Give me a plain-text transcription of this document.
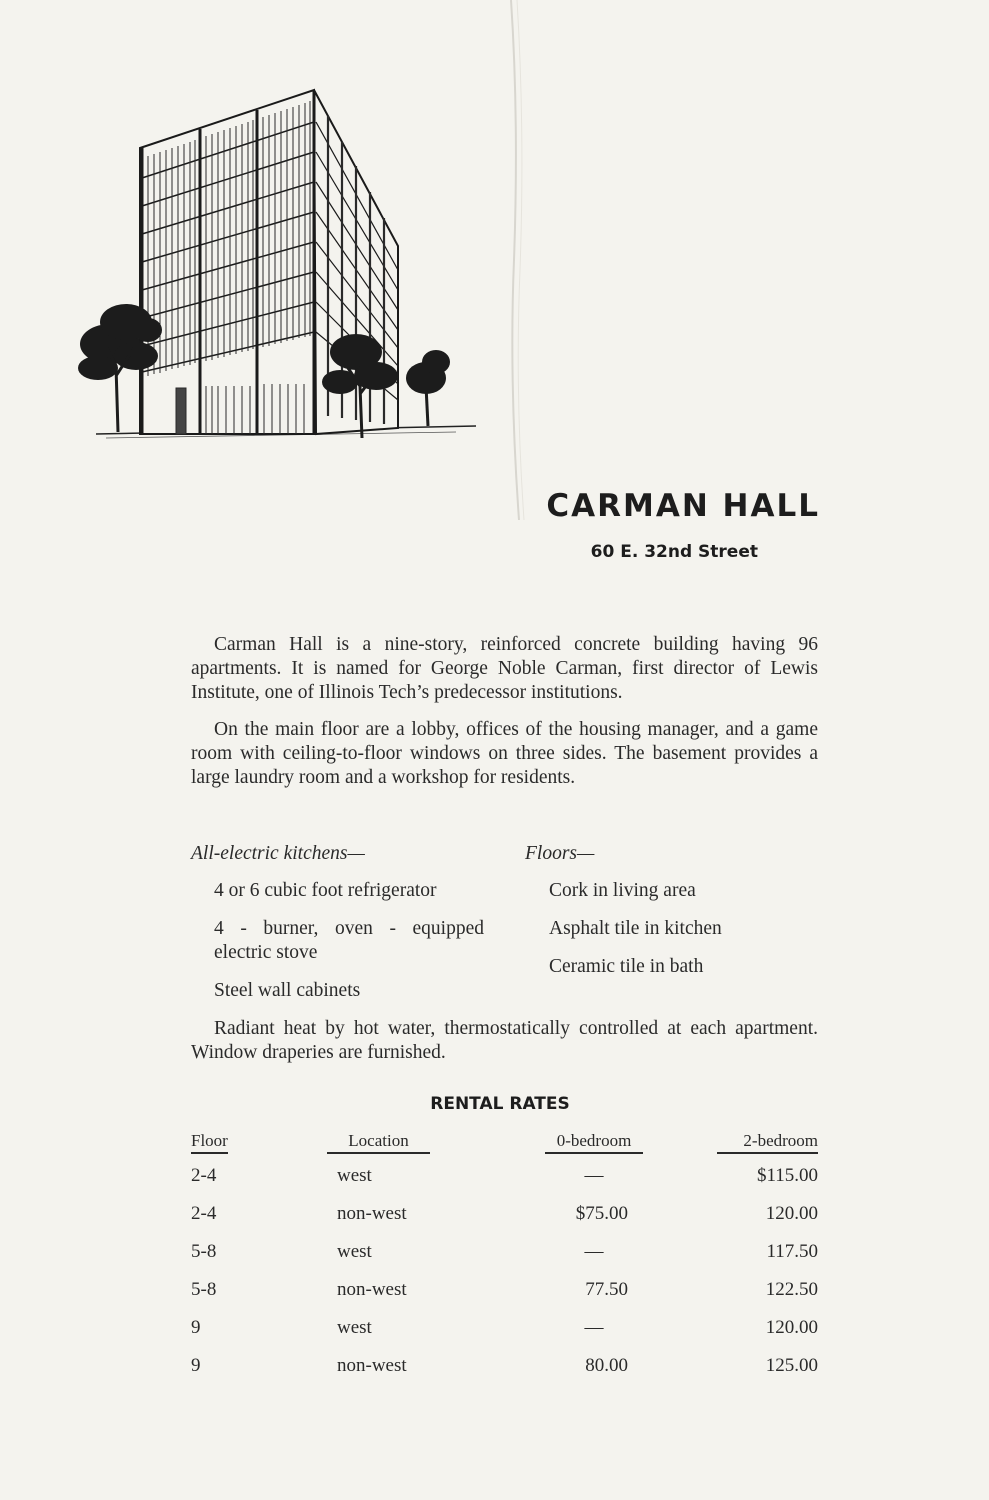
CARMAN HALL
60 E. 32nd Street

Carman Hall is a nine-story, reinforced concrete building having 96 apartments. It is named for George Noble Carman, first director of Lewis Institute, one of Illinois Tech’s predecessor institutions.

On the main floor are a lobby, offices of the housing manager, and a game room with ceiling-to-floor windows on three sides. The basement provides a large laundry room and a workshop for residents.

All-electric kitchens—
4 or 6 cubic foot refrigerator
4 - burner, oven - equipped electric stove
Steel wall cabinets
Floors—
Cork in living area
Asphalt tile in kitchen
Ceramic tile in bath

Radiant heat by hot water, thermostatically controlled at each apartment. Window draperies are furnished.

RENTAL RATES
Floor	Location	0-bedroom	2-bedroom
2-4	west	—	$115.00
2-4	non-west	$75.00	120.00
5-8	west	—	117.50
5-8	non-west	77.50	122.50
9	west	—	120.00
9	non-west	80.00	125.00
